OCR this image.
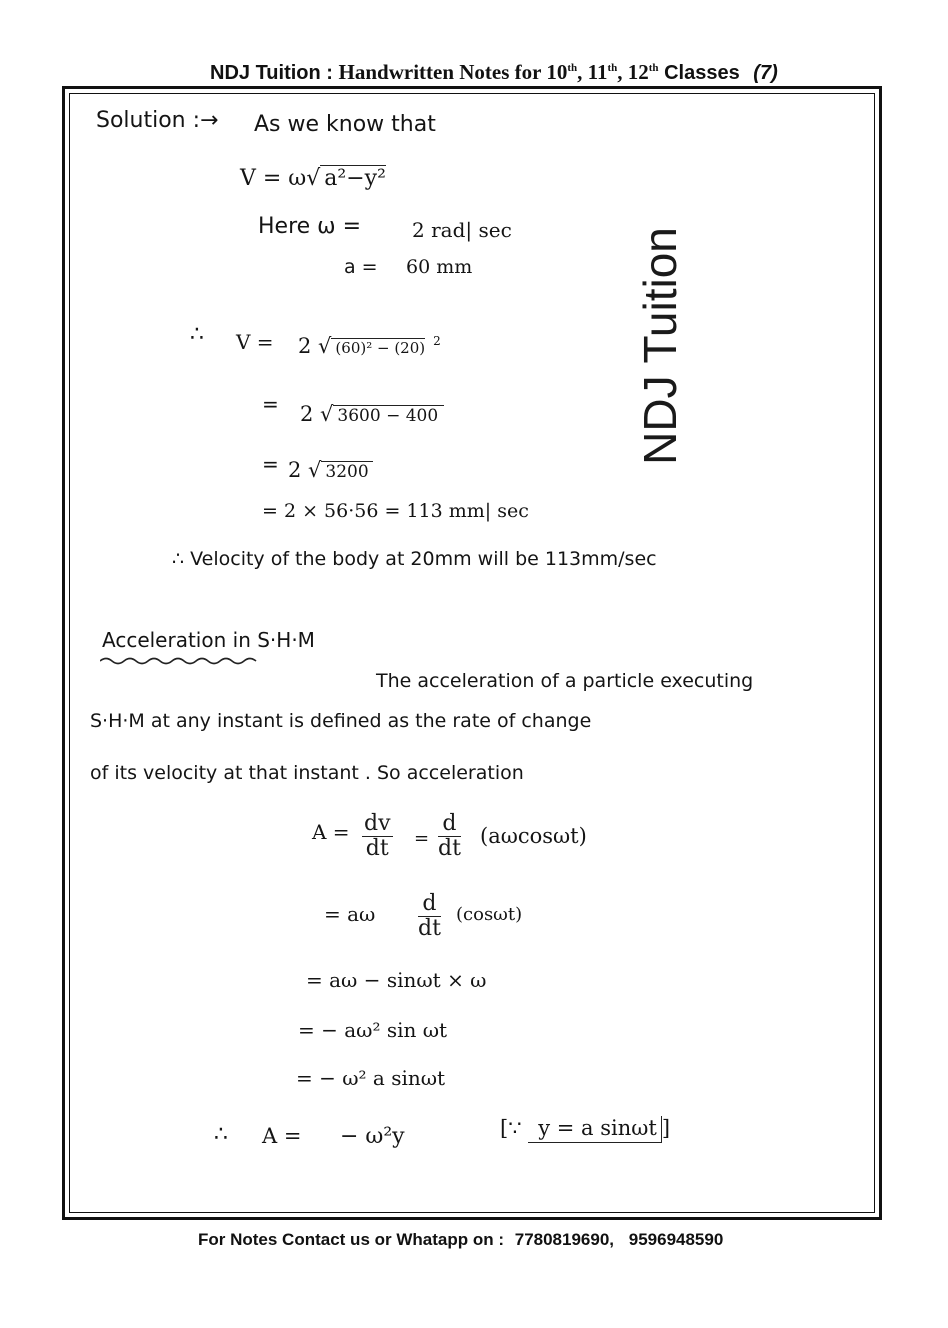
NDJ Tuition : Handwritten Notes for 10th, 11th, 12th Classes (7)
NDJ Tuition
Solution :→ As we know that
V = ω√ a²−y²
Here ω =	2 rad| sec
a = 60 mm
∴ V = 2 √ (60)² − (20) $^2$
= 2 √ 3600 − 400
= 2 √ 3200
= 2 × 56·56 = 113 mm| sec
∴ Velocity of the body at 20mm will be 113mm/sec
Acceleration in S·H·M
The acceleration of a particle executing
S·H·M at any instant is defined as the rate of change
of its velocity at that instant . So acceleration
$A = \frac{dv}{dt} = \frac{d}{dt} (a\omega\cos\omega t)$
= aω $\frac{d}{dt} (\cos\omega t)$
= aω − sinωt × ω
= − aω² sin ωt
= − ω² a sinωt
∴ A = − ω²y	[∵ y = a sinωt ]
For Notes Contact us or Whatapp on : 7780819690, 9596948590
